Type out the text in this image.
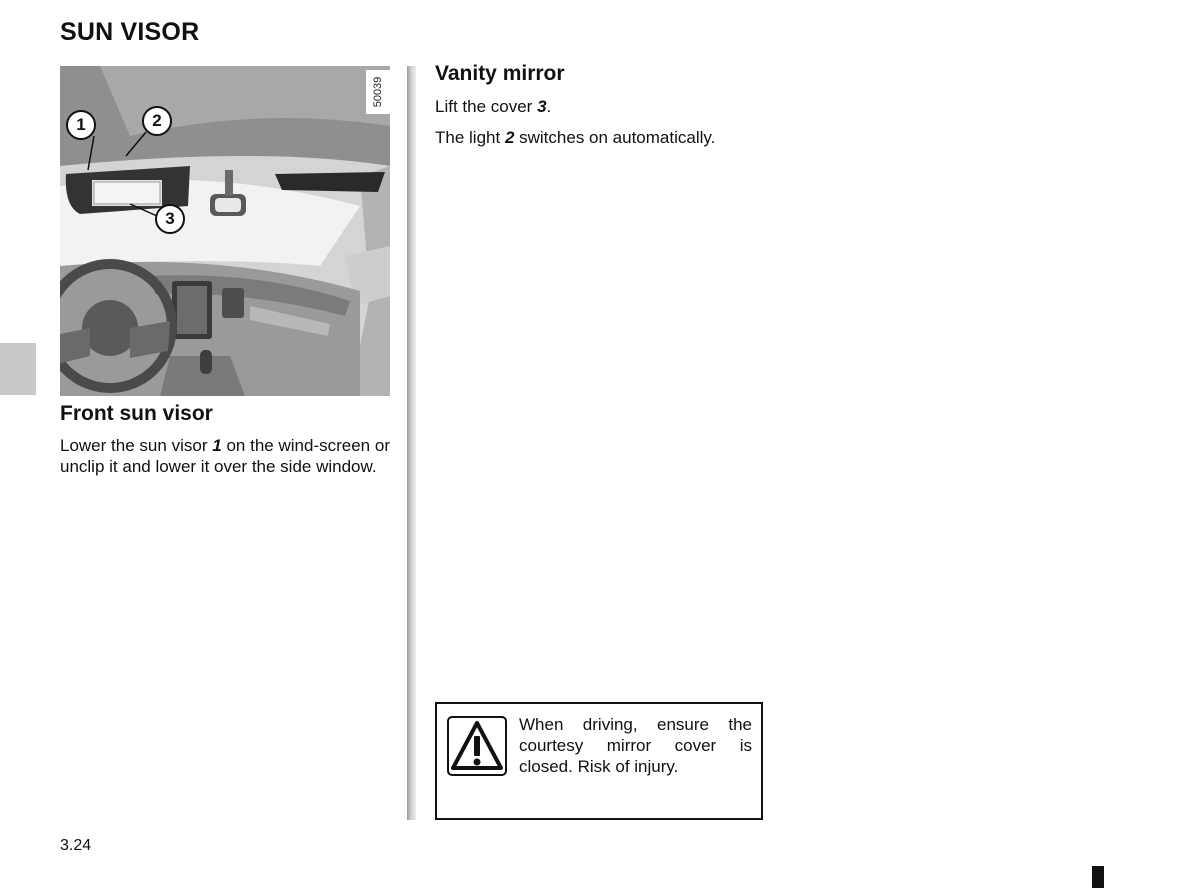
SUN VISOR
1	2
3
50039
Front sun visor

Lower the sun visor 1 on the wind-screen or unclip it and lower it over the side window.

Vanity mirror

Lift the cover 3.

The light 2 switches on automatically.

When driving, ensure the courtesy mirror cover is closed. Risk of injury.
3.24
